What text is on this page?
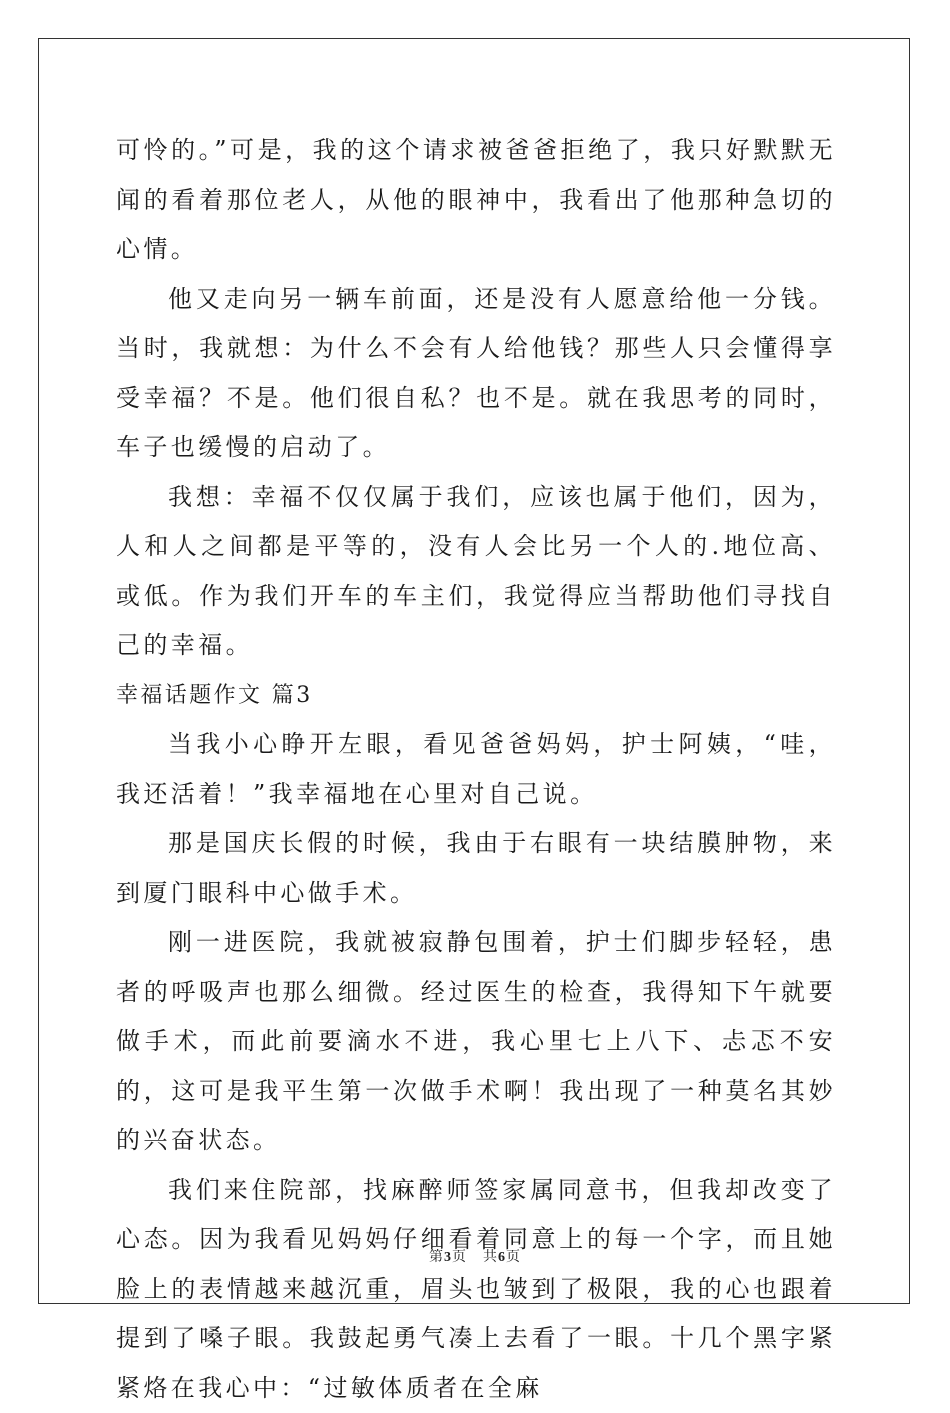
可怜的。”可是，我的这个请求被爸爸拒绝了，我只好默默无闻的看着那位老人，从他的眼神中，我看出了他那种急切的心情。

他又走向另一辆车前面，还是没有人愿意给他一分钱。当时，我就想：为什么不会有人给他钱？那些人只会懂得享受幸福？不是。他们很自私？也不是。就在我思考的同时，车子也缓慢的启动了。

我想：幸福不仅仅属于我们，应该也属于他们，因为，人和人之间都是平等的，没有人会比另一个人的.地位高、或低。作为我们开车的车主们，我觉得应当帮助他们寻找自己的幸福。

幸福话题作文 篇3

当我小心睁开左眼，看见爸爸妈妈，护士阿姨，“哇，我还活着！”我幸福地在心里对自己说。

那是国庆长假的时候，我由于右眼有一块结膜肿物，来到厦门眼科中心做手术。

刚一进医院，我就被寂静包围着，护士们脚步轻轻，患者的呼吸声也那么细微。经过医生的检查，我得知下午就要做手术，而此前要滴水不进，我心里七上八下、忐忑不安的，这可是我平生第一次做手术啊！我出现了一种莫名其妙的兴奋状态。

我们来住院部，找麻醉师签家属同意书，但我却改变了心态。因为我看见妈妈仔细看着同意上的每一个字，而且她脸上的表情越来越沉重，眉头也皱到了极限，我的心也跟着提到了嗓子眼。我鼓起勇气凑上去看了一眼。十几个黑字紧紧烙在我心中：“过敏体质者在全麻

第3页 共6页
